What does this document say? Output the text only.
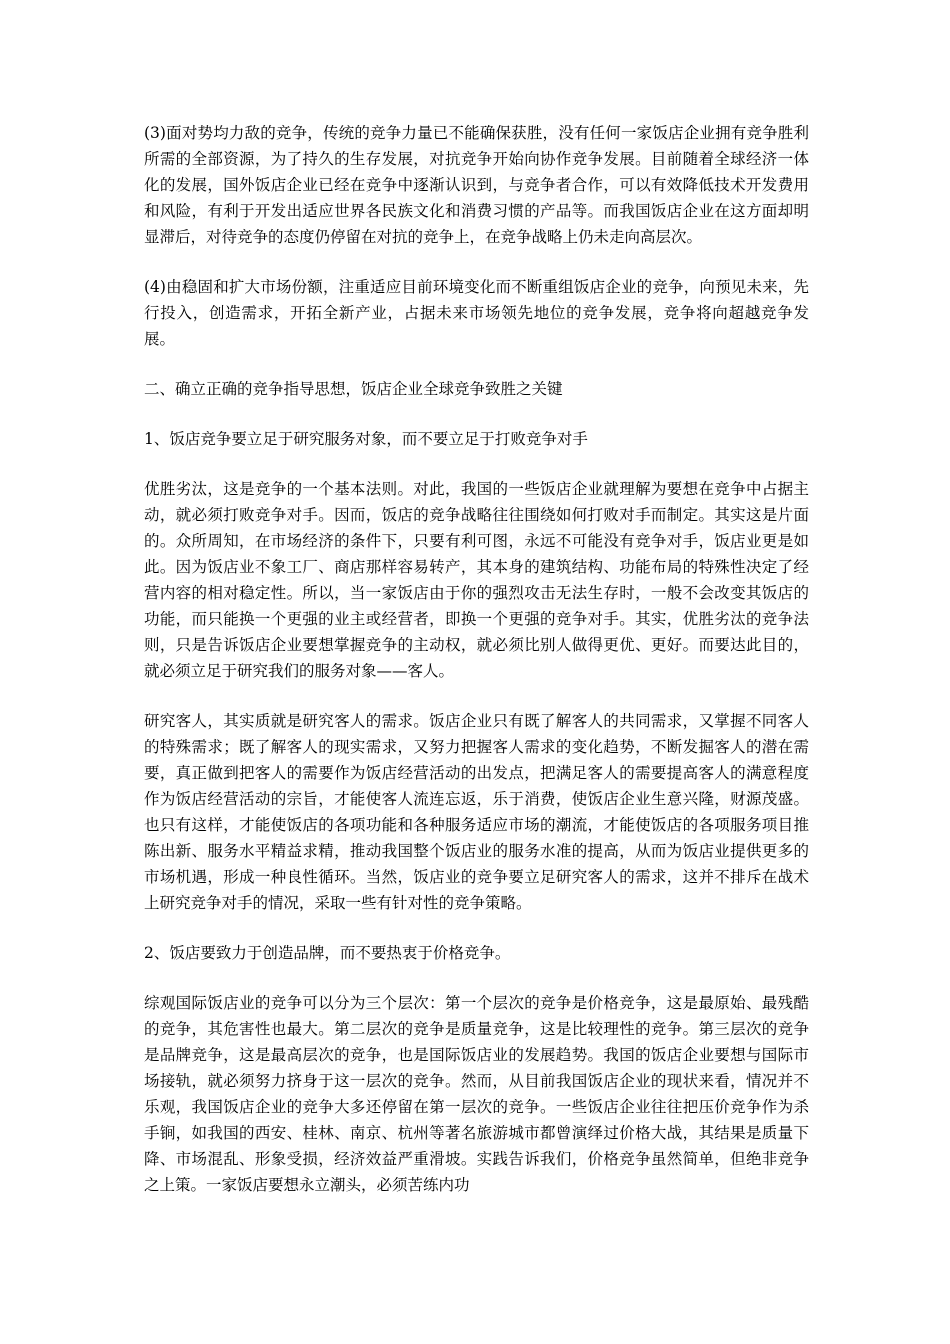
(3)面对势均力敌的竞争，传统的竞争力量已不能确保获胜，没有任何一家饭店企业拥有竞争胜利所需的全部资源，为了持久的生存发展，对抗竞争开始向协作竞争发展。目前随着全球经济一体化的发展，国外饭店企业已经在竞争中逐渐认识到，与竞争者合作，可以有效降低技术开发费用和风险，有利于开发出适应世界各民族文化和消费习惯的产品等。而我国饭店企业在这方面却明显滞后，对待竞争的态度仍停留在对抗的竞争上，在竞争战略上仍未走向高层次。

(4)由稳固和扩大市场份额，注重适应目前环境变化而不断重组饭店企业的竞争，向预见未来，先行投入，创造需求，开拓全新产业，占据未来市场领先地位的竞争发展，竞争将向超越竞争发展。

二、确立正确的竞争指导思想，饭店企业全球竞争致胜之关键

1、饭店竞争要立足于研究服务对象，而不要立足于打败竞争对手

优胜劣汰，这是竞争的一个基本法则。对此，我国的一些饭店企业就理解为要想在竞争中占据主动，就必须打败竞争对手。因而，饭店的竞争战略往往围绕如何打败对手而制定。其实这是片面的。众所周知，在市场经济的条件下，只要有利可图，永远不可能没有竞争对手，饭店业更是如此。因为饭店业不象工厂、商店那样容易转产，其本身的建筑结构、功能布局的特殊性决定了经营内容的相对稳定性。所以，当一家饭店由于你的强烈攻击无法生存时，一般不会改变其饭店的功能，而只能换一个更强的业主或经营者，即换一个更强的竞争对手。其实，优胜劣汰的竞争法则，只是告诉饭店企业要想掌握竞争的主动权，就必须比别人做得更优、更好。而要达此目的，就必须立足于研究我们的服务对象——客人。

研究客人，其实质就是研究客人的需求。饭店企业只有既了解客人的共同需求，又掌握不同客人的特殊需求；既了解客人的现实需求，又努力把握客人需求的变化趋势，不断发掘客人的潜在需要，真正做到把客人的需要作为饭店经营活动的出发点，把满足客人的需要提高客人的满意程度作为饭店经营活动的宗旨，才能使客人流连忘返，乐于消费，使饭店企业生意兴隆，财源茂盛。也只有这样，才能使饭店的各项功能和各种服务适应市场的潮流，才能使饭店的各项服务项目推陈出新、服务水平精益求精，推动我国整个饭店业的服务水准的提高，从而为饭店业提供更多的市场机遇，形成一种良性循环。当然，饭店业的竞争要立足研究客人的需求，这并不排斥在战术上研究竞争对手的情况，采取一些有针对性的竞争策略。

2、饭店要致力于创造品牌，而不要热衷于价格竞争。

综观国际饭店业的竞争可以分为三个层次：第一个层次的竞争是价格竞争，这是最原始、最残酷的竞争，其危害性也最大。第二层次的竞争是质量竞争，这是比较理性的竞争。第三层次的竞争是品牌竞争，这是最高层次的竞争，也是国际饭店业的发展趋势。我国的饭店企业要想与国际市场接轨，就必须努力挤身于这一层次的竞争。然而，从目前我国饭店企业的现状来看，情况并不乐观，我国饭店企业的竞争大多还停留在第一层次的竞争。一些饭店企业往往把压价竞争作为杀手锏，如我国的西安、桂林、南京、杭州等著名旅游城市都曾演绎过价格大战，其结果是质量下降、市场混乱、形象受损，经济效益严重滑坡。实践告诉我们，价格竞争虽然简单，但绝非竞争之上策。一家饭店要想永立潮头，必须苦练内功
